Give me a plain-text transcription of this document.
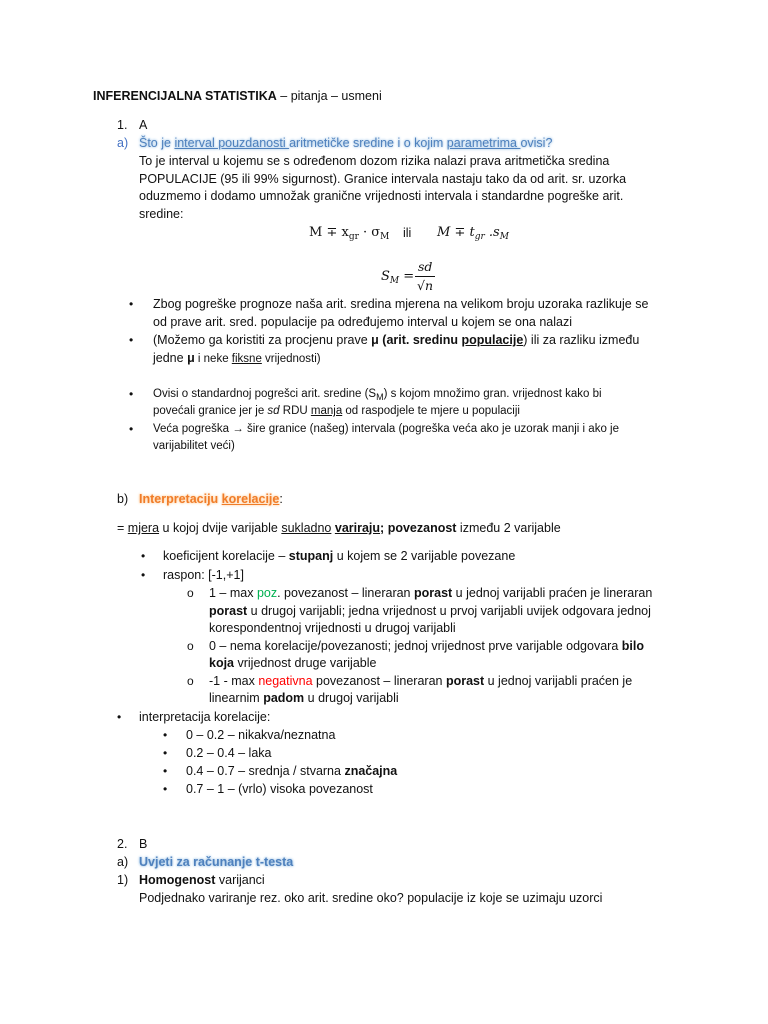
INFERENCIJALNA STATISTIKA – pitanja – usmeni
1. A
a) Što je interval pouzdanosti aritmetičke sredine i o kojim parametrima ovisi?
To je interval u kojemu se s određenom dozom rizika nalazi prava aritmetička sredina
POPULACIJE (95 ili 99% sigurnost). Granice intervala nastaju tako da od arit. sr. uzorka
oduzmemo i dodamo umnožak granične vrijednosti intervala i standardne pogreške arit.
sredine:
$M \mp x_{gr} \cdot \sigma_M$ ili $M \mp t_{gr}$ $.s_M$
$S_M$ =
sd
√n
• Zbog pogreške prognoze naša arit. sredina mjerena na velikom broju uzoraka razlikuje se
od prave arit. sred. populacije pa određujemo interval u kojem se ona nalazi
• (Možemo ga koristiti za procjenu prave μ (arit. sredinu populacije) ili za razliku između
jedne μ i neke fiksne vrijednosti)
• Ovisi o standardnoj pogrešci arit. sredine $(S_M)$ s kojom množimo gran. vrijednost kako bi
povećali granice jer je sd RDU manja od raspodjele te mjere u populaciji
• Veća pogreška → šire granice (našeg) intervala (pogreška veća ako je uzorak manji i ako je
varijabilitet veći)
b) Interpretaciju korelacije:
= mjera u kojoj dvije varijable sukladno variraju; povezanost između 2 varijable
• koeficijent korelacije – stupanj u kojem se 2 varijable povezane
• raspon: [-1,+1]
o 1 – max poz. povezanost – lineraran porast u jednoj varijabli praćen je lineraran
porast u drugoj varijabli; jedna vrijednost u prvoj varijabli uvijek odgovara jednoj
korespondentnoj vrijednosti u drugoj varijabli
o 0 – nema korelacije/povezanosti; jednoj vrijednost prve varijable odgovara bilo
koja vrijednost druge varijable
o -1 - max negativna povezanost – lineraran porast u jednoj varijabli praćen je
linearnim padom u drugoj varijabli
• interpretacija korelacije:
• 0 – 0.2 – nikakva/neznatna
• 0.2 – 0.4 – laka
• 0.4 – 0.7 – srednja / stvarna značajna
• 0.7 – 1 – (vrlo) visoka povezanost
2. B
a) Uvjeti za računanje t-testa
1) Homogenost varijanci
Podjednako variranje rez. oko arit. sredine oko? populacije iz koje se uzimaju uzorci
